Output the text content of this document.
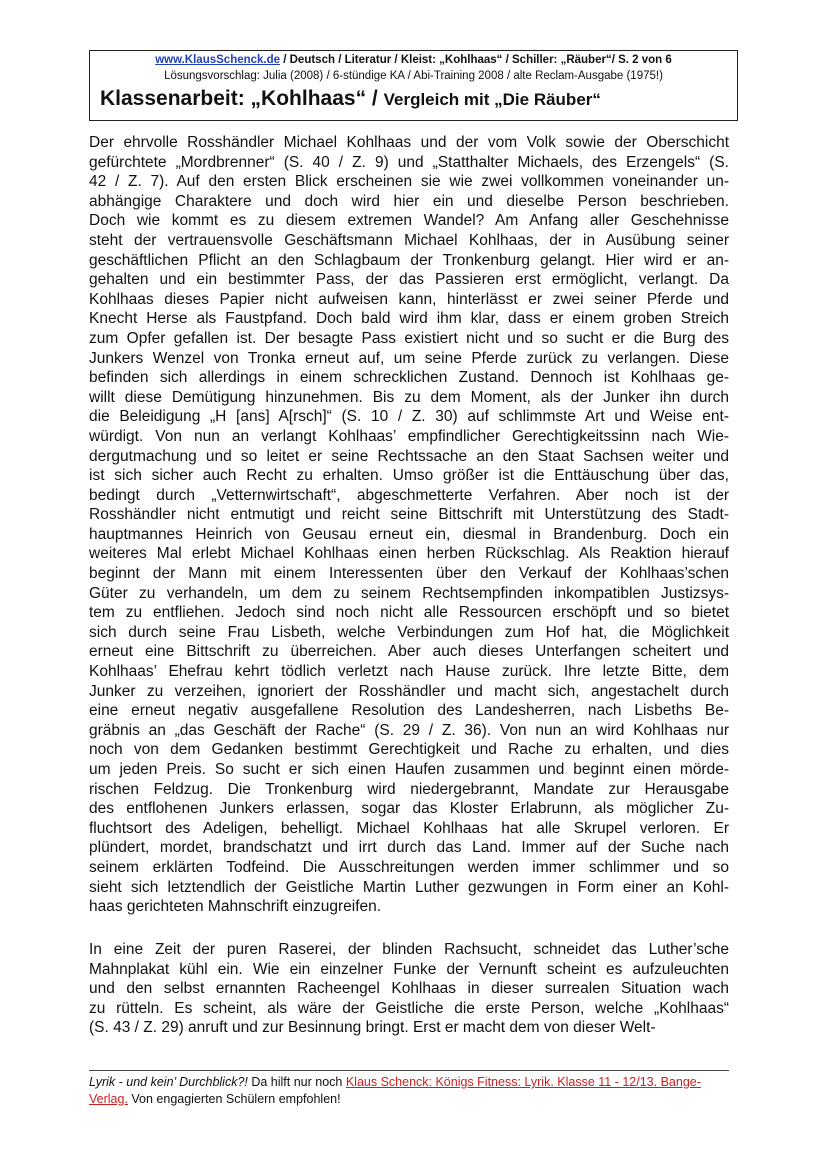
www.KlausSchenck.de / Deutsch / Literatur / Kleist: „Kohlhaas“ / Schiller: „Räuber“/ S. 2 von 6
Lösungsvorschlag: Julia (2008) / 6-stündige KA / Abi-Training 2008 / alte Reclam-Ausgabe (1975!)
Klassenarbeit: „Kohlhaas“ / Vergleich mit „Die Räuber“
Der ehrvolle Rosshändler Michael Kohlhaas und der vom Volk sowie der Oberschicht
gefürchtete „Mordbrenner“ (S. 40 / Z. 9) und „Statthalter Michaels, des Erzengels“ (S.
42 / Z. 7). Auf den ersten Blick erscheinen sie wie zwei vollkommen voneinander un-
abhängige Charaktere und doch wird hier ein und dieselbe Person beschrieben.
Doch wie kommt es zu diesem extremen Wandel? Am Anfang aller Geschehnisse
steht der vertrauensvolle Geschäftsmann Michael Kohlhaas, der in Ausübung seiner
geschäftlichen Pflicht an den Schlagbaum der Tronkenburg gelangt. Hier wird er an-
gehalten und ein bestimmter Pass, der das Passieren erst ermöglicht, verlangt. Da
Kohlhaas dieses Papier nicht aufweisen kann, hinterlässt er zwei seiner Pferde und
Knecht Herse als Faustpfand. Doch bald wird ihm klar, dass er einem groben Streich
zum Opfer gefallen ist. Der besagte Pass existiert nicht und so sucht er die Burg des
Junkers Wenzel von Tronka erneut auf, um seine Pferde zurück zu verlangen. Diese
befinden sich allerdings in einem schrecklichen Zustand. Dennoch ist Kohlhaas ge-
willt diese Demütigung hinzunehmen. Bis zu dem Moment, als der Junker ihn durch
die Beleidigung „H [ans] A[rsch]“ (S. 10 / Z. 30) auf schlimmste Art und Weise ent-
würdigt. Von nun an verlangt Kohlhaas’ empfindlicher Gerechtigkeitssinn nach Wie-
dergutmachung und so leitet er seine Rechtssache an den Staat Sachsen weiter und
ist sich sicher auch Recht zu erhalten. Umso größer ist die Enttäuschung über das,
bedingt durch „Vetternwirtschaft“, abgeschmetterte Verfahren. Aber noch ist der
Rosshändler nicht entmutigt und reicht seine Bittschrift mit Unterstützung des Stadt-
hauptmannes Heinrich von Geusau erneut ein, diesmal in Brandenburg. Doch ein
weiteres Mal erlebt Michael Kohlhaas einen herben Rückschlag. Als Reaktion hierauf
beginnt der Mann mit einem Interessenten über den Verkauf der Kohlhaas’schen
Güter zu verhandeln, um dem zu seinem Rechtsempfinden inkompatiblen Justizsys-
tem zu entfliehen. Jedoch sind noch nicht alle Ressourcen erschöpft und so bietet
sich durch seine Frau Lisbeth, welche Verbindungen zum Hof hat, die Möglichkeit
erneut eine Bittschrift zu überreichen. Aber auch dieses Unterfangen scheitert und
Kohlhaas’ Ehefrau kehrt tödlich verletzt nach Hause zurück. Ihre letzte Bitte, dem
Junker zu verzeihen, ignoriert der Rosshändler und macht sich, angestachelt durch
eine erneut negativ ausgefallene Resolution des Landesherren, nach Lisbeths Be-
gräbnis an „das Geschäft der Rache“ (S. 29 / Z. 36). Von nun an wird Kohlhaas nur
noch von dem Gedanken bestimmt Gerechtigkeit und Rache zu erhalten, und dies
um jeden Preis. So sucht er sich einen Haufen zusammen und beginnt einen mörde-
rischen Feldzug. Die Tronkenburg wird niedergebrannt, Mandate zur Herausgabe
des entflohenen Junkers erlassen, sogar das Kloster Erlabrunn, als möglicher Zu-
fluchtsort des Adeligen, behelligt. Michael Kohlhaas hat alle Skrupel verloren. Er
plündert, mordet, brandschatzt und irrt durch das Land. Immer auf der Suche nach
seinem erklärten Todfeind. Die Ausschreitungen werden immer schlimmer und so
sieht sich letztendlich der Geistliche Martin Luther gezwungen in Form einer an Kohl-
haas gerichteten Mahnschrift einzugreifen.
In eine Zeit der puren Raserei, der blinden Rachsucht, schneidet das Luther’sche
Mahnplakat kühl ein. Wie ein einzelner Funke der Vernunft scheint es aufzuleuchten
und den selbst ernannten Racheengel Kohlhaas in dieser surrealen Situation wach
zu rütteln. Es scheint, als wäre der Geistliche die erste Person, welche „Kohlhaas“
(S. 43 / Z. 29) anruft und zur Besinnung bringt. Erst er macht dem von dieser Welt-
Lyrik - und kein’ Durchblick?! Da hilft nur noch Klaus Schenck: Königs Fitness: Lyrik. Klasse 11 - 12/13. Bange-Verlag. Von engagierten Schülern empfohlen!
